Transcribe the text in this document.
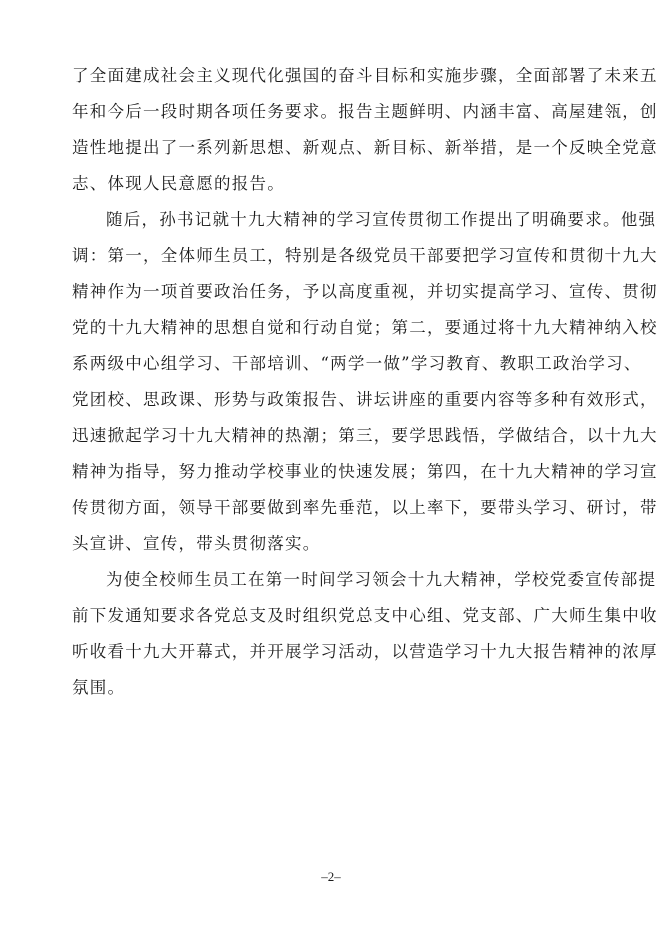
了全面建成社会主义现代化强国的奋斗目标和实施步骤，全面部署了未来五
年和今后一段时期各项任务要求。报告主题鲜明、内涵丰富、高屋建瓴，创
造性地提出了一系列新思想、新观点、新目标、新举措，是一个反映全党意
志、体现人民意愿的报告。
随后，孙书记就十九大精神的学习宣传贯彻工作提出了明确要求。他强
调：第一，全体师生员工，特别是各级党员干部要把学习宣传和贯彻十九大
精神作为一项首要政治任务，予以高度重视，并切实提高学习、宣传、贯彻
党的十九大精神的思想自觉和行动自觉；第二，要通过将十九大精神纳入校
系两级中心组学习、干部培训、“两学一做”学习教育、教职工政治学习、
党团校、思政课、形势与政策报告、讲坛讲座的重要内容等多种有效形式，
迅速掀起学习十九大精神的热潮；第三，要学思践悟，学做结合，以十九大
精神为指导，努力推动学校事业的快速发展；第四，在十九大精神的学习宣
传贯彻方面，领导干部要做到率先垂范，以上率下，要带头学习、研讨，带
头宣讲、宣传，带头贯彻落实。
为使全校师生员工在第一时间学习领会十九大精神，学校党委宣传部提
前下发通知要求各党总支及时组织党总支中心组、党支部、广大师生集中收
听收看十九大开幕式，并开展学习活动，以营造学习十九大报告精神的浓厚
氛围。
–2–
